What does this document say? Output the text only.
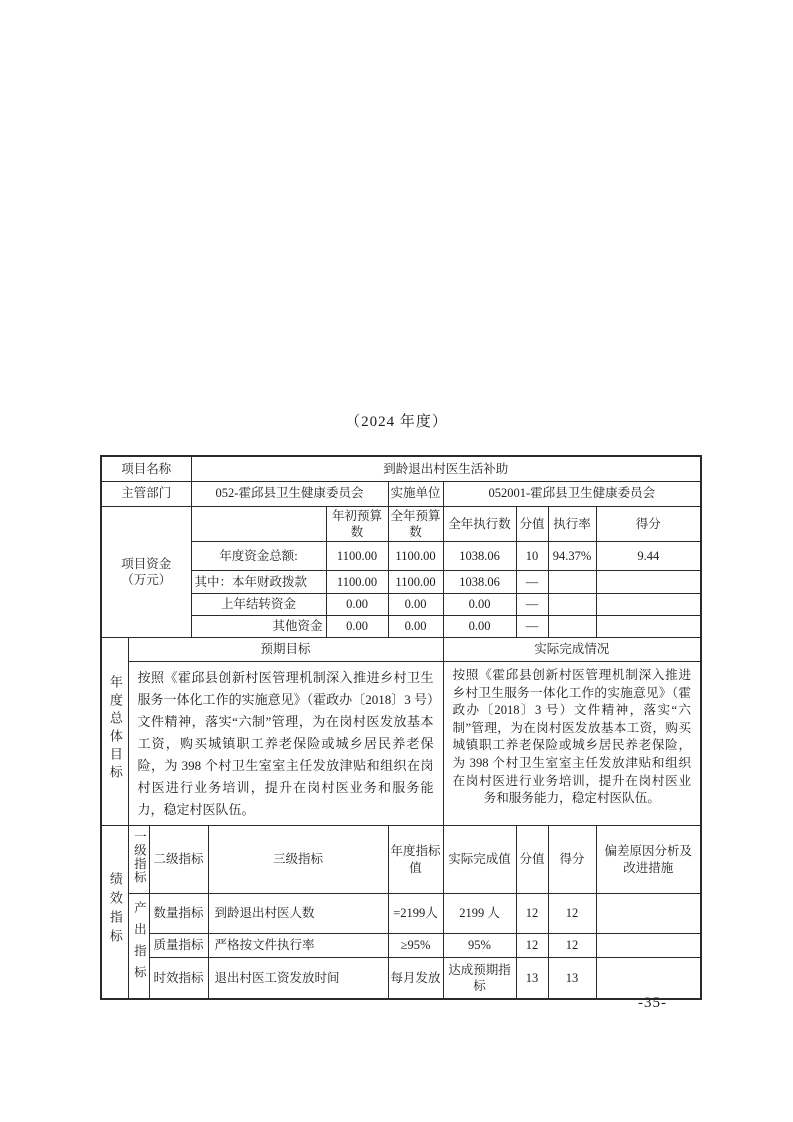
（2024 年度）
项目名称			到龄退出村医生活补助							
主管部门			052-霍邱县卫生健康委员会			实施单位	052001-霍邱县卫生健康委员会			

项目资金
（万元）					年初预算数	全年预算数	全年执行数	分值	执行率	得分
			年度资金总额:		1100.00	1100.00	1038.06	10	94.37%	9.44
			其中：本年财政拨款		1100.00	1100.00	1038.06	—		
			上年结转资金		0.00	0.00	0.00	—		
			其他资金		0.00	0.00	0.00	—		
年度总体目标	预期目标						实际完成情况			
	按照《霍邱县创新村医管理机制深入推进乡村卫生服务一体化工作的实施意见》（霍政办〔2018〕3 号）文件精神，落实“六制”管理，为在岗村医发放基本工资，购买城镇职工养老保险或城乡居民养老保险，为 398 个村卫生室室主任发放津贴和组织在岗村医进行业务培训，提升在岗村医业务和服务能力，稳定村医队伍。						按照《霍邱县创新村医管理机制深入推进乡村卫生服务一体化工作的实施意见》（霍政办〔2018〕3 号）文件精神，落实“六制”管理，为在岗村医发放基本工资，购买城镇职工养老保险或城乡居民养老保险，为 398 个村卫生室室主任发放津贴和组织在岗村医进行业务培训，提升在岗村医业务和服务能力，稳定村医队伍。			
绩效指标	一级指标	二级指标		三级指标		年度指标值	实际完成值	分值	得分	偏差原因分析及改进措施
	产出指标	数量指标		到龄退出村医人数		=2199人	2199 人	12	12	
		质量指标		严格按文件执行率		≥95%	95%	12	12	
		时效指标		退出村医工资发放时间		每月发放	达成预期指标	13	13	
-35-
